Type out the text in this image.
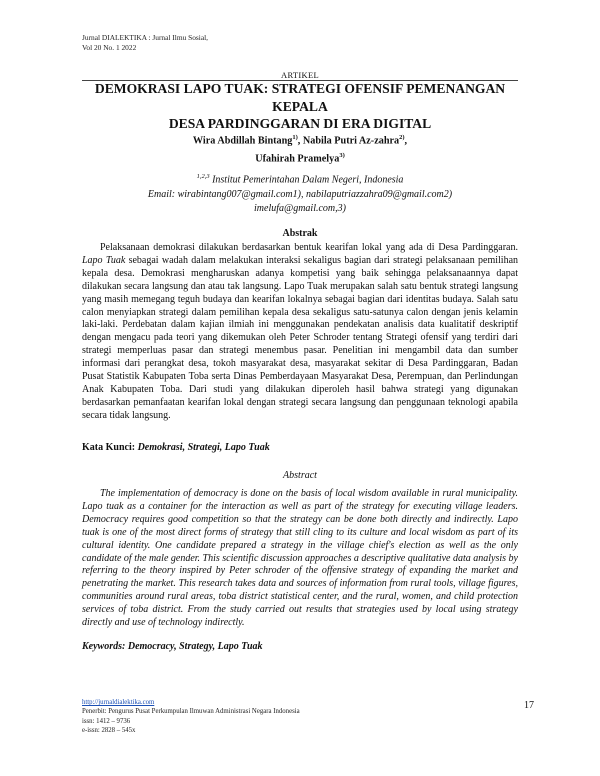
Jurnal DIALEKTIKA : Jurnal Ilmu Sosial,
Vol 20 No. 1 2022
ARTIKEL
DEMOKRASI LAPO TUAK: STRATEGI OFENSIF PEMENANGAN KEPALA
DESA PARDINGGARAN DI ERA DIGITAL
Wira Abdillah Bintang$^{1)}$, Nabila Putri Az-zahra$^{2)}$,
Ufahirah Pramelya$^{3)}$
$^{1,2,3}$ Institut Pemerintahan Dalam Negeri, Indonesia
Email: wirabintang007@gmail.com1), nabilaputriazzahra09@gmail.com2)
imelufa@gmail.com,3)
Abstrak

Pelaksanaan demokrasi dilakukan berdasarkan bentuk kearifan lokal yang ada di Desa Pardinggaran. Lapo Tuak sebagai wadah dalam melakukan interaksi sekaligus bagian dari strategi pelaksanaan pemilihan kepala desa. Demokrasi mengharuskan adanya kompetisi yang baik sehingga pelaksanaannya dapat dilakukan secara langsung dan atau tak langsung. Lapo Tuak merupakan salah satu bentuk strategi langsung yang masih memegang teguh budaya dan kearifan lokalnya sebagai bagian dari identitas budaya. Salah satu calon menyiapkan strategi dalam pemilihan kepala desa sekaligus satu-satunya calon dengan jenis kelamin laki-laki. Perdebatan dalam kajian ilmiah ini menggunakan pendekatan analisis data kualitatif deskriptif dengan mengacu pada teori yang dikemukan oleh Peter Schroder tentang Strategi ofensif yang terdiri dari strategi memperluas pasar dan strategi menembus pasar. Penelitian ini mengambil data dan sumber informasi dari perangkat desa, tokoh masyarakat desa, masyarakat sekitar di Desa Pardinggaran, Badan Pusat Statistik Kabupaten Toba serta Dinas Pemberdayaan Masyarakat Desa, Perempuan, dan Perlindungan Anak Kabupaten Toba. Dari studi yang dilakukan diperoleh hasil bahwa strategi yang digunakan berdasarkan pemanfaatan kearifan lokal dengan strategi secara langsung dan penggunaan teknologi apabila secara tidak langsung.

Kata Kunci: Demokrasi, Strategi, Lapo Tuak
Abstract

The implementation of democracy is done on the basis of local wisdom available in rural municipality. Lapo tuak as a container for the interaction as well as part of the strategy for executing village leaders. Democracy requires good competition so that the strategy can be done both directly and indirectly. Lapo tuak is one of the most direct forms of strategy that still cling to its culture and local wisdom as part of its cultural identity. One candidate prepared a strategy in the village chief's election as well as the only candidate of the male gender. This scientific discussion approaches a descriptive qualitative data analysis by referring to the theory inspired by Peter schroder of the offensive strategy of expanding the market and penetrating the market. This research takes data and sources of information from rural tools, village figures, communities around rural areas, toba district statistical center, and the rural, women, and child protection services of toba district. From the study carried out results that strategies used by local using strategy directly and use of technology indirectly.

Keywords: Democracy, Strategy, Lapo Tuak
http://jurnaldialektika.com
Penerbit: Pengurus Pusat Perkumpulan Ilmuwan Administrasi Negara Indonesia
issn: 1412 – 9736
e-issn: 2828 – 545x
17
